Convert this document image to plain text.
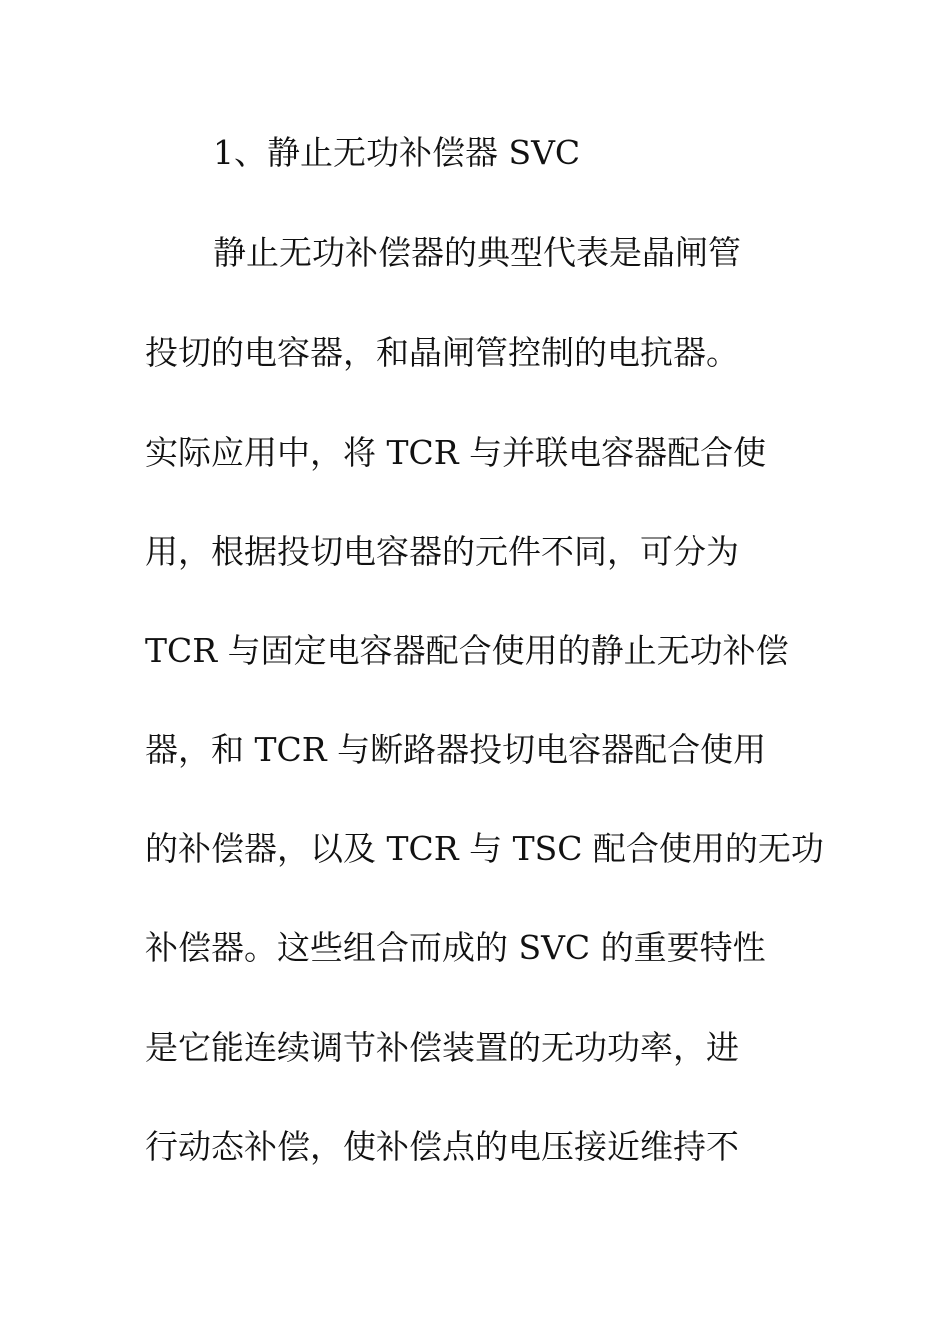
1、静止无功补偿器 SVC
静止无功补偿器的典型代表是晶闸管
投切的电容器，和晶闸管控制的电抗器。
实际应用中，将 TCR 与并联电容器配合使
用，根据投切电容器的元件不同，可分为
TCR 与固定电容器配合使用的静止无功补偿
器，和 TCR 与断路器投切电容器配合使用
的补偿器，以及 TCR 与 TSC 配合使用的无功
补偿器。这些组合而成的 SVC 的重要特性
是它能连续调节补偿装置的无功功率，进
行动态补偿，使补偿点的电压接近维持不
